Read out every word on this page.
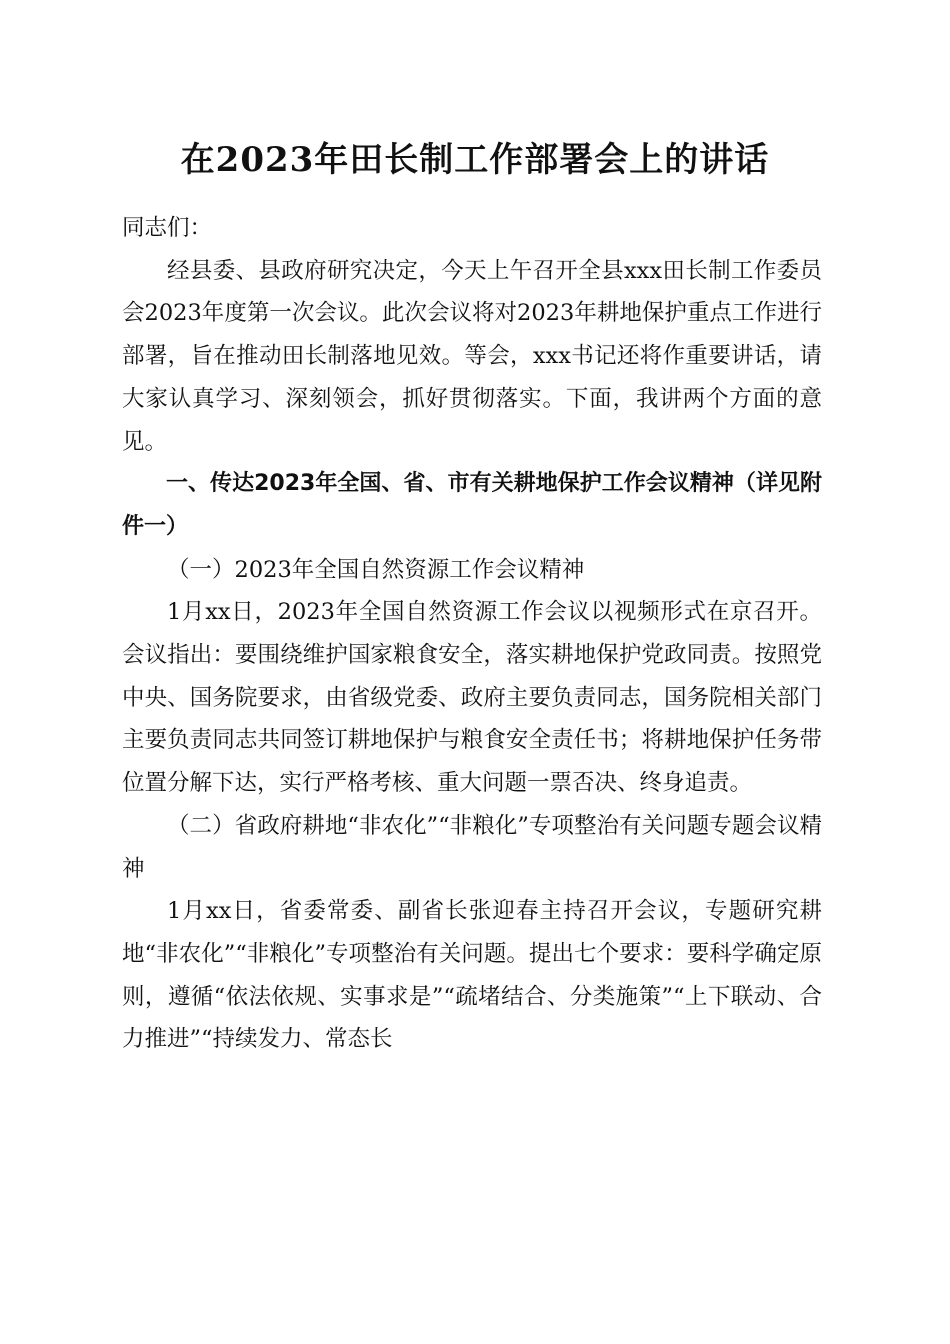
在2023年田长制工作部署会上的讲话

同志们：

经县委、县政府研究决定，今天上午召开全县xxx田长制工作委员会2023年度第一次会议。此次会议将对2023年耕地保护重点工作进行部署，旨在推动田长制落地见效。等会，xxx书记还将作重要讲话，请大家认真学习、深刻领会，抓好贯彻落实。下面，我讲两个方面的意见。

一、传达2023年全国、省、市有关耕地保护工作会议精神（详见附件一）

（一）2023年全国自然资源工作会议精神

1月xx日，2023年全国自然资源工作会议以视频形式在京召开。会议指出：要围绕维护国家粮食安全，落实耕地保护党政同责。按照党中央、国务院要求，由省级党委、政府主要负责同志，国务院相关部门主要负责同志共同签订耕地保护与粮食安全责任书；将耕地保护任务带位置分解下达，实行严格考核、重大问题一票否决、终身追责。

（二）省政府耕地“非农化”“非粮化”专项整治有关问题专题会议精神

1月xx日，省委常委、副省长张迎春主持召开会议，专题研究耕地“非农化”“非粮化”专项整治有关问题。提出七个要求：要科学确定原则，遵循“依法依规、实事求是”“疏堵结合、分类施策”“上下联动、合力推进”“持续发力、常态长
